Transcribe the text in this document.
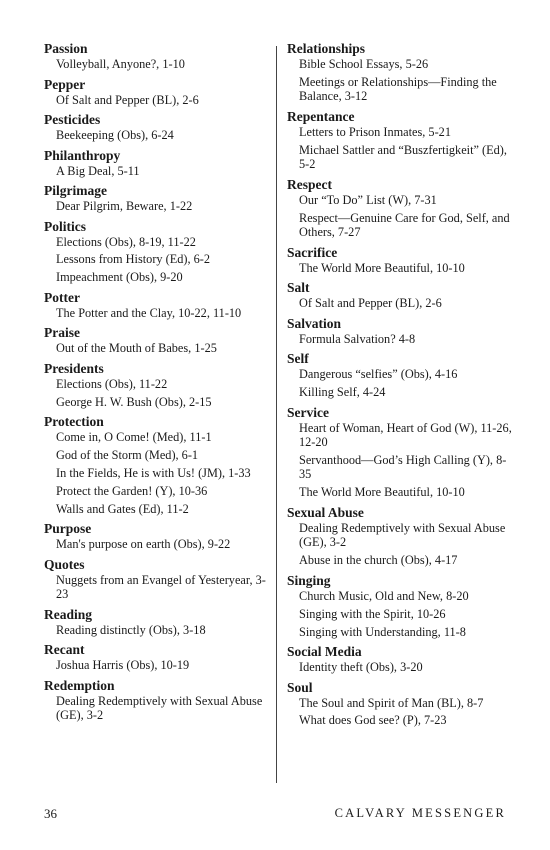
Passion
Volleyball, Anyone?, 1-10
Pepper
Of Salt and Pepper (BL), 2-6
Pesticides
Beekeeping (Obs), 6-24
Philanthropy
A Big Deal, 5-11
Pilgrimage
Dear Pilgrim, Beware, 1-22
Politics
Elections (Obs), 8-19, 11-22
Lessons from History (Ed), 6-2
Impeachment (Obs), 9-20
Potter
The Potter and the Clay, 10-22, 11-10
Praise
Out of the Mouth of Babes, 1-25
Presidents
Elections (Obs), 11-22
George H. W. Bush (Obs), 2-15
Protection
Come in, O Come! (Med), 11-1
God of the Storm (Med), 6-1
In the Fields, He is with Us! (JM), 1-33
Protect the Garden! (Y), 10-36
Walls and Gates (Ed), 11-2
Purpose
Man's purpose on earth (Obs), 9-22
Quotes
Nuggets from an Evangel of Yesteryear, 3-23
Reading
Reading distinctly (Obs), 3-18
Recant
Joshua Harris (Obs), 10-19
Redemption
Dealing Redemptively with Sexual Abuse (GE), 3-2
Relationships
Bible School Essays, 5-26
Meetings or Relationships—Finding the Balance, 3-12
Repentance
Letters to Prison Inmates, 5-21
Michael Sattler and “Buszfertigkeit” (Ed), 5-2
Respect
Our “To Do” List (W), 7-31
Respect—Genuine Care for God, Self, and Others, 7-27
Sacrifice
The World More Beautiful, 10-10
Salt
Of Salt and Pepper (BL), 2-6
Salvation
Formula Salvation? 4-8
Self
Dangerous “selfies” (Obs), 4-16
Killing Self, 4-24
Service
Heart of Woman, Heart of God (W), 11-26, 12-20
Servanthood—God’s High Calling (Y), 8-35
The World More Beautiful, 10-10
Sexual Abuse
Dealing Redemptively with Sexual Abuse (GE), 3-2
Abuse in the church (Obs), 4-17
Singing
Church Music, Old and New, 8-20
Singing with the Spirit, 10-26
Singing with Understanding, 11-8
Social Media
Identity theft (Obs), 3-20
Soul
The Soul and Spirit of Man (BL), 8-7
What does God see? (P), 7-23
36	CALVARY MESSENGER
